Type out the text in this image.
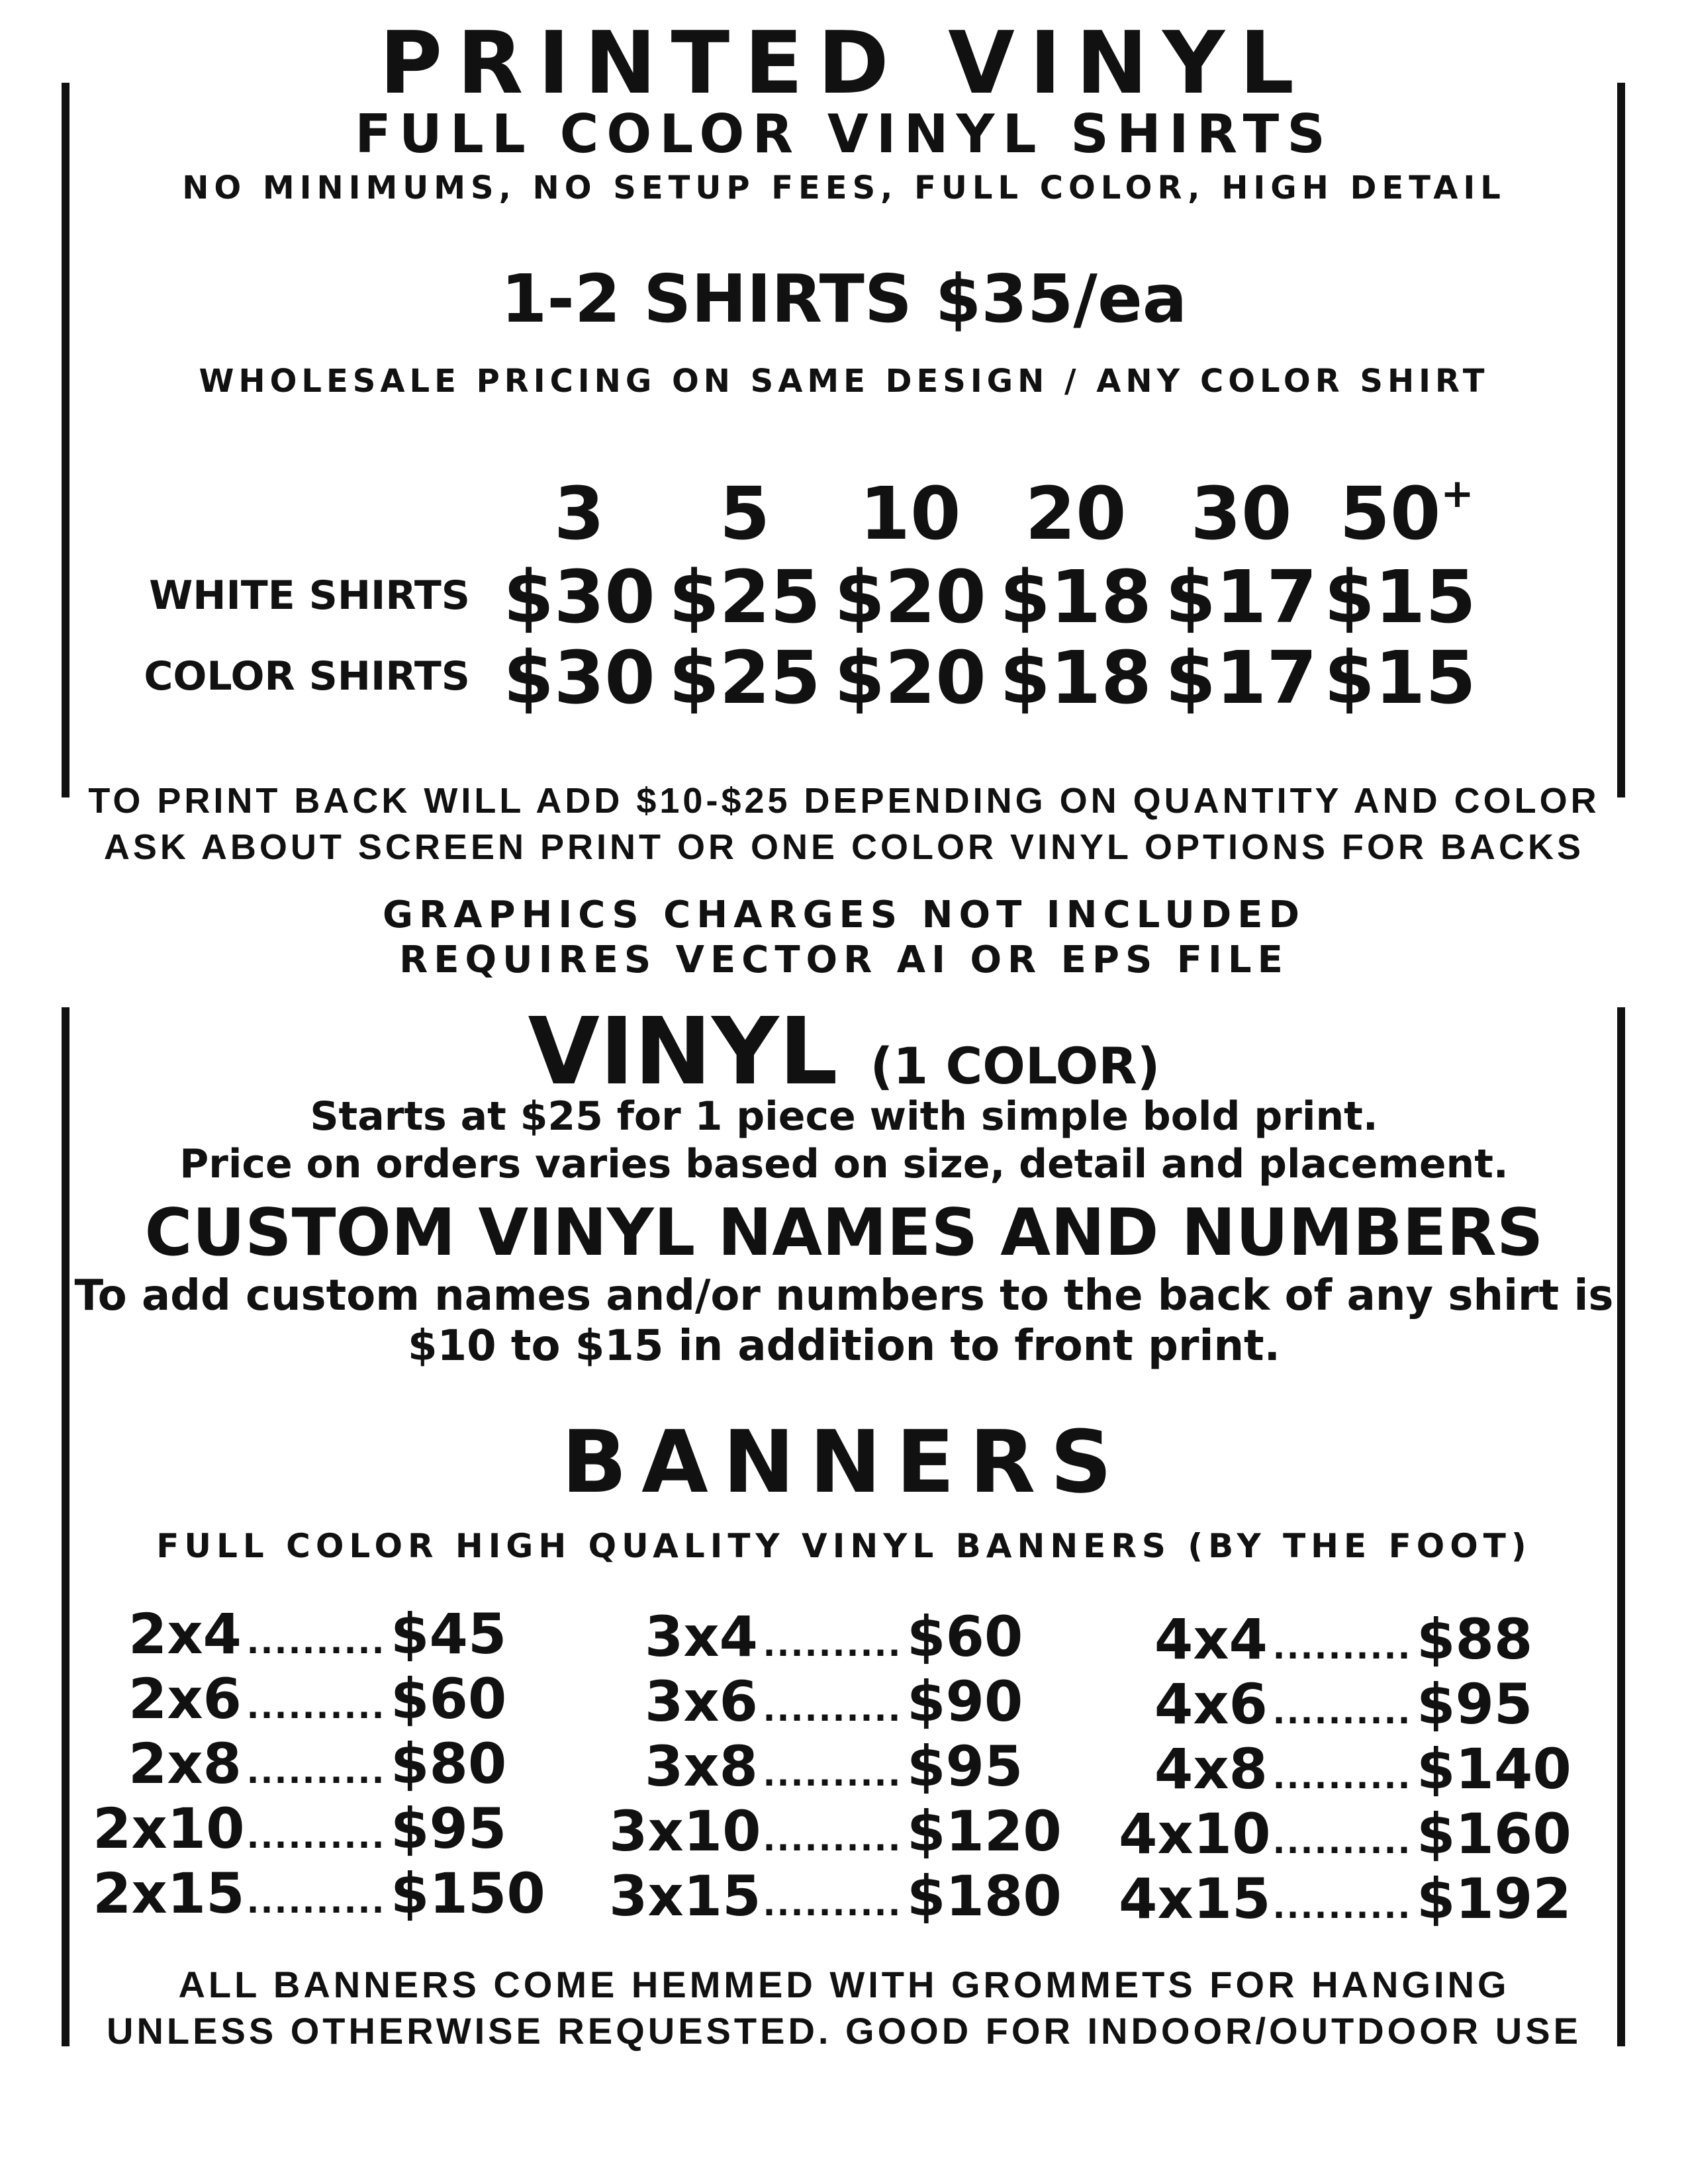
PRINTED VINYL
FULL COLOR VINYL SHIRTS
NO MINIMUMS, NO SETUP FEES, FULL COLOR, HIGH DETAIL
1-2 SHIRTS $35/ea
WHOLESALE PRICING ON SAME DESIGN / ANY COLOR SHIRT
3	5	10 20 30 50+
WHITE SHIRTS $30 $25 $20 $18 $17 $15
COLOR SHIRTS $30 $25 $20 $18 $17 $15
TO PRINT BACK WILL ADD $10-$25 DEPENDING ON QUANTITY AND COLOR
ASK ABOUT SCREEN PRINT OR ONE COLOR VINYL OPTIONS FOR BACKS
GRAPHICS CHARGES NOT INCLUDED
REQUIRES VECTOR AI OR EPS FILE
VINYL (1 COLOR)
Starts at $25 for 1 piece with simple bold print.
Price on orders varies based on size, detail and placement.
CUSTOM VINYL NAMES AND NUMBERS
To add custom names and/or numbers to the back of any shirt is
$10 to $15 in addition to front print.
BANNERS
FULL COLOR HIGH QUALITY VINYL BANNERS (BY THE FOOT)
2x4 ..........$45
2x6 ..........$60
2x8 ..........$80
2x10..........$95
2x15..........$150
3x4 ..........$60
3x6 ..........$90
3x8 ..........$95
3x10..........$120
3x15..........$180
4x4 ..........$88
4x6 ..........$95
4x8 ..........$140
4x10..........$160
4x15..........$192
ALL BANNERS COME HEMMED WITH GROMMETS FOR HANGING
UNLESS OTHERWISE REQUESTED. GOOD FOR INDOOR/OUTDOOR USE
